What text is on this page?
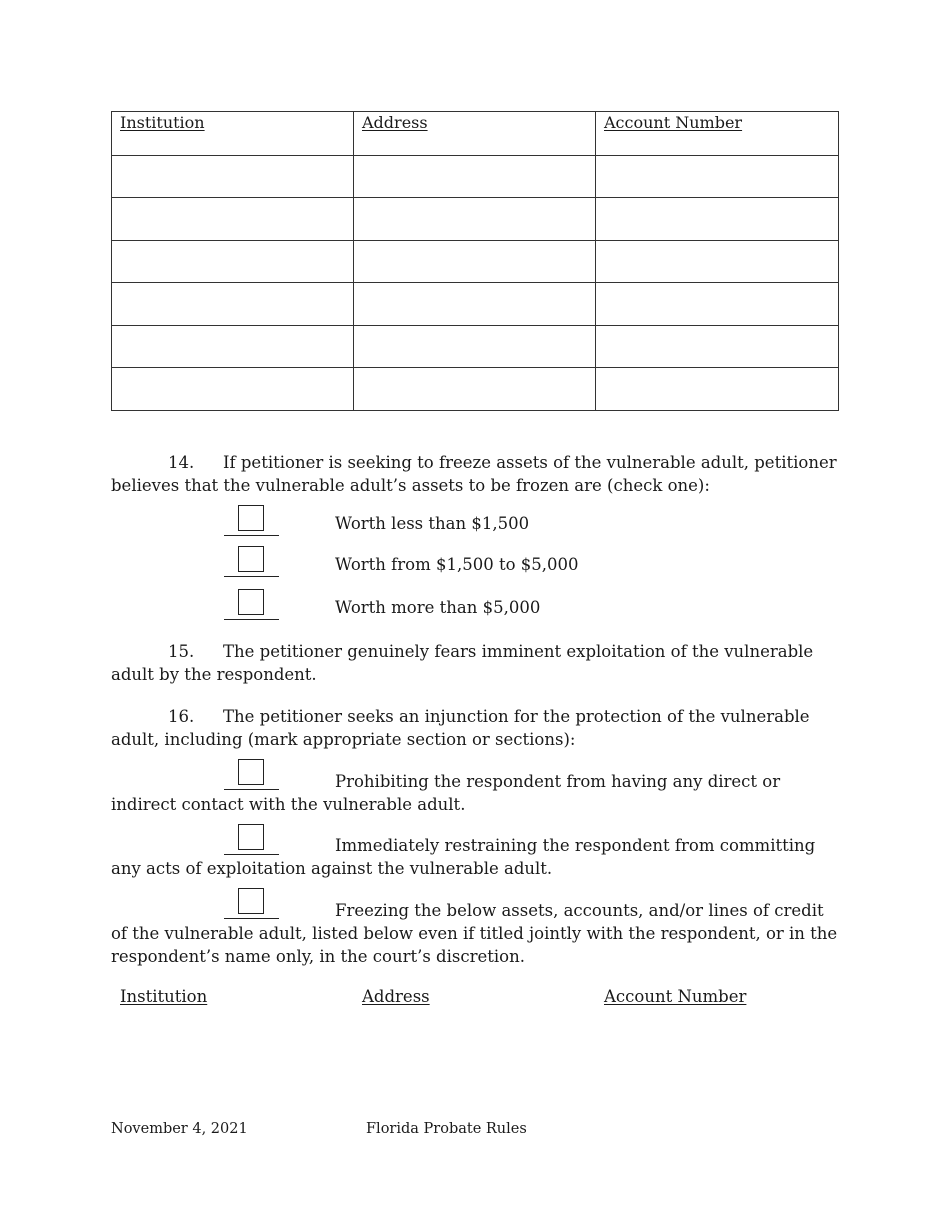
Institution	Address	Account Number

14. If petitioner is seeking to freeze assets of the vulnerable adult, petitioner believes that the vulnerable adult’s assets to be frozen are (check one):

Worth less than $1,500
Worth from $1,500 to $5,000
Worth more than $5,000

15. The petitioner genuinely fears imminent exploitation of the vulnerable adult by the respondent.

16. The petitioner seeks an injunction for the protection of the vulnerable adult, including (mark appropriate section or sections):

Prohibiting the respondent from having any direct or
indirect contact with the vulnerable adult.
Immediately restraining the respondent from committing
any acts of exploitation against the vulnerable adult.
Freezing the below assets, accounts, and/or lines of credit
of the vulnerable adult, listed below even if titled jointly with the respondent, or in the
respondent’s name only, in the court’s discretion.
Institution	Address	Account Number
November 4, 2021	Florida Probate Rules
